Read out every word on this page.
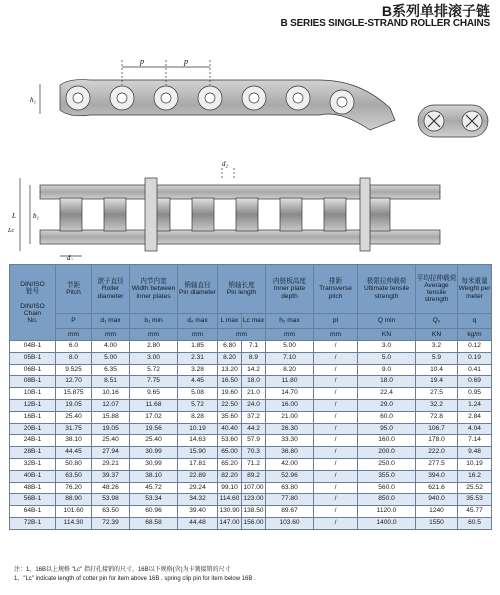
B系列单排滚子链
B SERIES SINGLE-STRAND ROLLER CHAINS
p	p
h₁
d₂
b₁
L
Lᴄ
d₁
DIN/ISO
链号

DIN/ISO
Chain
No.	节距
Pitch	滚子直径
Roller diameter	内节内宽
Width between inner plates	销轴直径
Pin diameter	销轴长度
Pin length		内链板高度
Inner plate depth	排距
Transverse pitch	极限拉伸载荷
Ultimate tensile strength	平均拉伸载荷
Average tensile strength	每米重量
Weight per meter
	P	d₁ max	b₁ min	d₂ max	L max	Lᴄ max	h₂ max	pt	Q min	Q₀	q
	mm	mm	mm	mm	mm		mm	mm	KN	KN	kg/m
04B-1	6.0	4.00	2.80	1.85	6.80	7.1	5.00	/	3.0	3.2	0.12
05B-1	8.0	5.00	3.00	2.31	8.20	8.9	7.10	/	5.0	5.9	0.19
06B-1	9.525	6.35	5.72	3.28	13.20	14.2	8.20	/	9.0	10.4	0.41
08B-1	12.70	8.51	7.75	4.45	16.50	18.0	11.80	/	18.0	19.4	0.69
10B-1	15.875	10.16	9.65	5.08	19.60	21.0	14.70	/	22.4	27.5	0.95
12B-1	19.05	12.07	11.68	5.72	22.50	24.0	16.00	/	29.0	32.2	1.24
16B-1	25.40	15.88	17.02	8.28	35.60	37.2	21.00	/	60.0	72.8	2.84
20B-1	31.75	19.05	19.56	10.19	40.40	44.2	26.30	/	95.0	106.7	4.04
24B-1	38.10	25.40	25.40	14.63	53.60	57.9	33.30	/	160.0	178.0	7.14
28B-1	44.45	27.94	30.99	15.90	65.00	70.3	36.80	/	200.0	222.0	9.48
32B-1	50.80	29.21	30.99	17.81	65.20	71.2	42.00	/	250.0	277.5	10.19
40B-1	63.50	39.37	38.10	22.89	82.20	89.2	52.96	/	355.0	394.0	16.2
48B-1	76.20	48.26	45.72	29.24	99.10	107.00	63.80	/	560.0	621.6	25.52
56B-1	88.90	53.98	53.34	34.32	114.60	123.00	77.80	/	850.0	940.0	35.53
64B-1	101.60	63.50	60.96	39.40	130.90	138.50	89.67	/	1120.0	1240	45.77
72B-1	114.30	72.39	68.58	44.48	147.00	156.00	103.60	/	1400.0	1550	60.5
注：1、16B以上规格 "Lc" 指打孔接销的尺寸，16B以下规格(含)为卡簧接销的尺寸
1、"Lc" indicate length of cotter pin for item above 16B , spring clip pin for item below 16B .
